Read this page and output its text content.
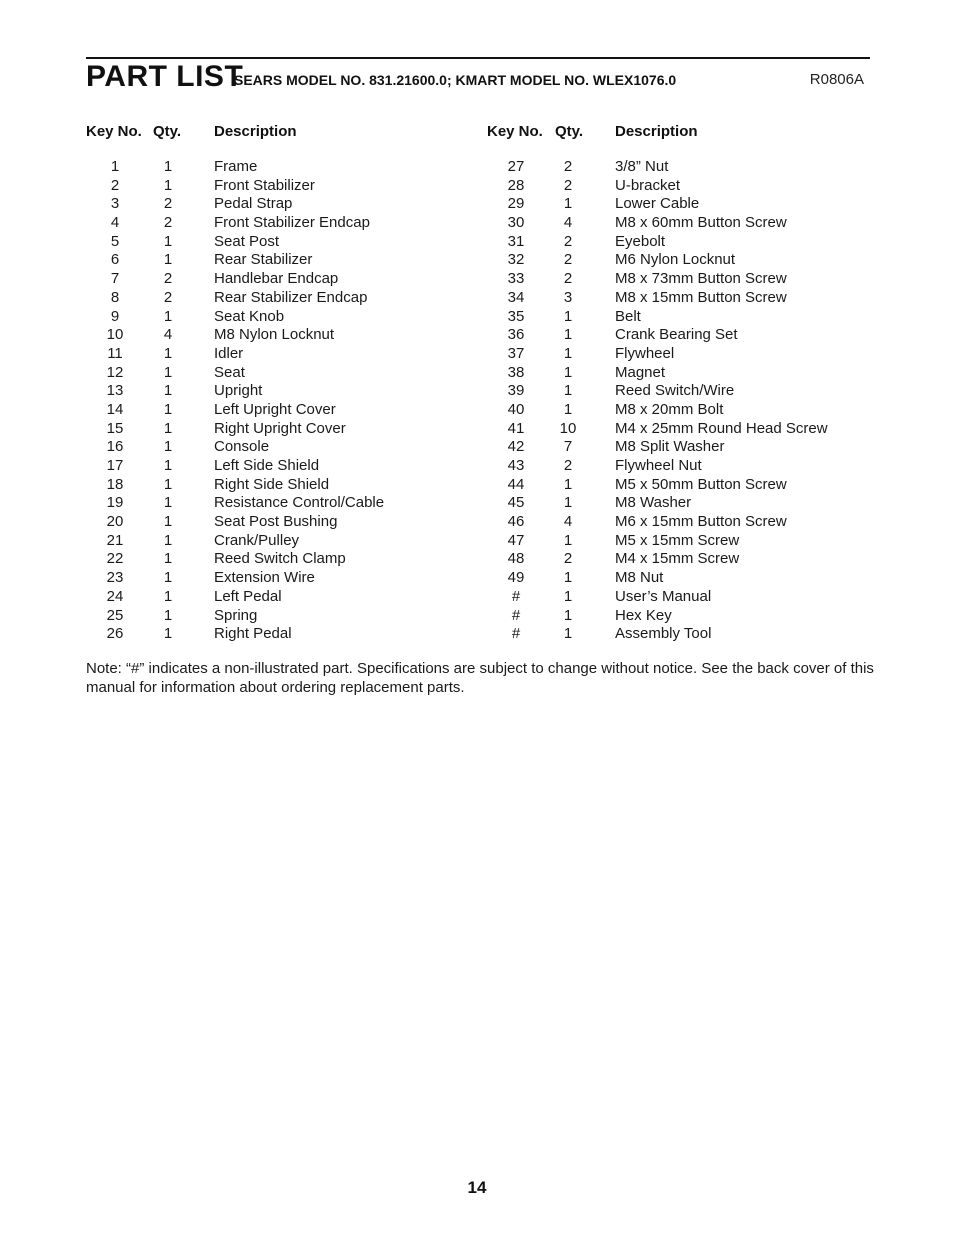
PART LIST
SEARS MODEL NO. 831.21600.0; KMART MODEL NO. WLEX1076.0	R0806A
Key No. Qty. Description
1	1	Frame
2	1	Front Stabilizer
3	2	Pedal Strap
4	2	Front Stabilizer Endcap
5	1	Seat Post
6	1	Rear Stabilizer
7	2	Handlebar Endcap
8	2	Rear Stabilizer Endcap
9	1	Seat Knob
10	4	M8 Nylon Locknut
11	1	Idler
12	1	Seat
13	1	Upright
14	1	Left Upright Cover
15	1	Right Upright Cover
16	1	Console
17	1	Left Side Shield
18	1	Right Side Shield
19	1	Resistance Control/Cable
20	1	Seat Post Bushing
21	1	Crank/Pulley
22	1	Reed Switch Clamp
23	1	Extension Wire
24	1	Left Pedal
25	1	Spring
26	1	Right Pedal
Key No. Qty. Description
27	2	3/8” Nut
28	2	U-bracket
29	1	Lower Cable
30	4	M8 x 60mm Button Screw
31	2	Eyebolt
32	2	M6 Nylon Locknut
33	2	M8 x 73mm Button Screw
34	3	M8 x 15mm Button Screw
35	1	Belt
36	1	Crank Bearing Set
37	1	Flywheel
38	1	Magnet
39	1	Reed Switch/Wire
40	1	M8 x 20mm Bolt
41	10	M4 x 25mm Round Head Screw
42	7	M8 Split Washer
43	2	Flywheel Nut
44	1	M5 x 50mm Button Screw
45	1	M8 Washer
46	4	M6 x 15mm Button Screw
47	1	M5 x 15mm Screw
48	2	M4 x 15mm Screw
49	1	M8 Nut
#	1	User’s Manual
#	1	Hex Key
#	1	Assembly Tool
Note: “#” indicates a non-illustrated part. Specifications are subject to change without notice. See the back cover of this manual for information about ordering replacement parts.
14
